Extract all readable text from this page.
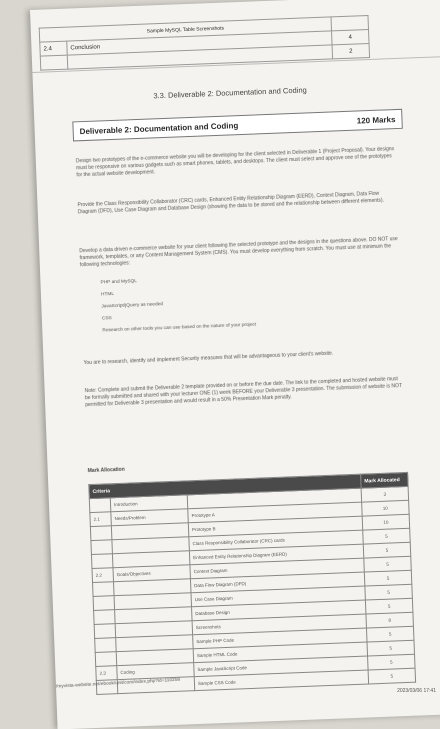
Sample MySQL Table Screenshots		
2.4	Conclusion	4
		2
3.3. Deliverable 2: Documentation and Coding
Deliverable 2: Documentation and Coding
120 Marks
Design two prototypes of the e-commerce website you will be developing for the client selected in Deliverable 1 (Project Proposal). Your designs must be responsive on various gadgets such as smart phones, tablets, and desktops. The client must select and approve one of the prototypes for the actual website development.
Provide the Class Responsibility Collaborator (CRC) cards, Enhanced Entity Relationship Diagram (EERD), Context Diagram, Data Flow Diagram (DFD), Use Case Diagram and Database Design (showing the data to be stored and the relationship between different elements).
Develop a data driven e-commerce website for your client following the selected prototype and the designs in the questions above. DO NOT use framework, templates, or any Content Management System (CMS). You must develop everything from scratch. You must use at minimum the following technologies:
PHP and MySQL
HTML
JavaScript/jQuery as needed
CSS
Research on other tools you can use based on the nature of your project
You are to research, identify and implement Security measures that will be advantageous to your client's website.
Note: Complete and submit the Deliverable 2 template provided on or before the due date. The link to the completed and hosted website must be formally submitted and shared with your lecturer ONE (1) week BEFORE your Deliverable 3 presentation. The submission of website is NOT permitted for Deliverable 3 presentation and would result in a 50% Presentation Mark penalty.
Mark Allocation
Criteria			Mark Allocated
	Introduction		3
2.1	Needs/Problem	Prototype A	10
		Prototype B	10
		Class Responsibility Collaborator (CRC) cards	5
		Enhanced Entity Relationship Diagram (EERD)	5
2.2	Goals/Objectives	Context Diagram	5
		Data Flow Diagram (DFD)	5
		Use Case Diagram	5
		Database Design	5
		Screenshots	8
		Sample PHP Code	5
		Sample HTML Code	5
2.3	Coding	Sample JavaScript Code	5
		Sample CSS Code	5
/myvista-website.net/ebook/unit/com/index.php?id=110258
2023/03/06 17:41
